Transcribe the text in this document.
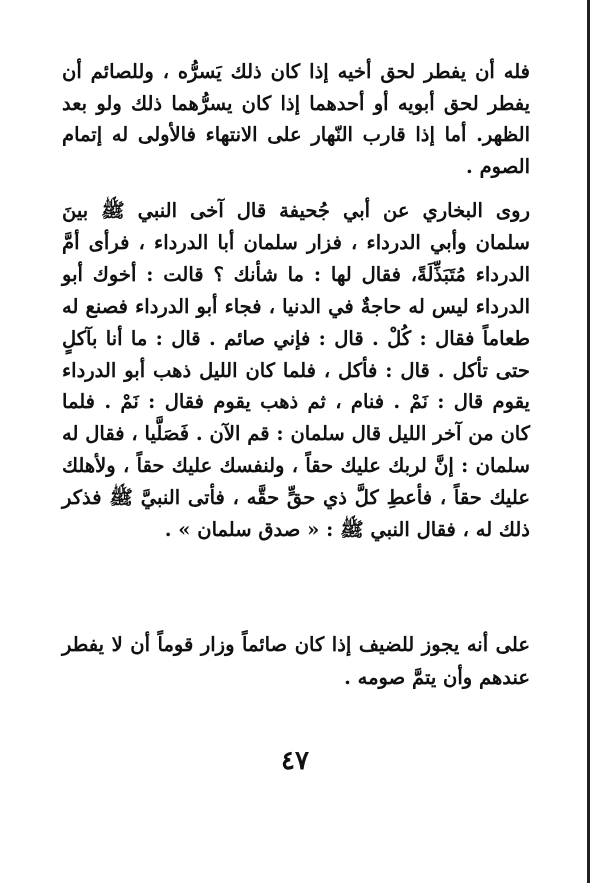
فله أن يفطر لحق أخيه إذا كان ذلك يَسرُّه ، وللصائم أن يفطر لحق أبويه أو أحدهما إذا كان يسرُّهما ذلك ولو بعد الظهر. أما إذا قارب النّهار على الانتهاء فالأولى له إتمام الصوم .

روى البخاري عن أبي جُحيفة قال آخى النبي ﷺ بينَ سلمان وأبي الدرداء ، فزار سلمان أبا الدرداء ، فرأى أمَّ الدرداء مُتَبَذِّلَةً، فقال لها : ما شأنك ؟ قالت : أخوك أبو الدرداء ليس له حاجةٌ في الدنيا ، فجاء أبو الدرداء فصنع له طعاماً فقال : كُلْ . قال : فإني صائم . قال : ما أنا بآكلٍ حتى تأكل . قال : فأكل ، فلما كان الليل ذهب أبو الدرداء يقوم قال : نَمْ . فنام ، ثم ذهب يقوم فقال : نَمْ . فلما كان من آخر الليل قال سلمان : قم الآن . فَصَلَّيا ، فقال له سلمان : إنَّ لربك عليك حقاً ، ولنفسك عليك حقاً ، ولأهلك عليك حقاً ، فأعطِ كلَّ ذي حقٍّ حقَّه ، فأتى النبيَّ ﷺ فذكر ذلك له ، فقال النبي ﷺ : « صدق سلمان » .

على أنه يجوز للضيف إذا كان صائماً وزار قوماً أن لا يفطر عندهم وأن يتمَّ صومه .

٤٧
